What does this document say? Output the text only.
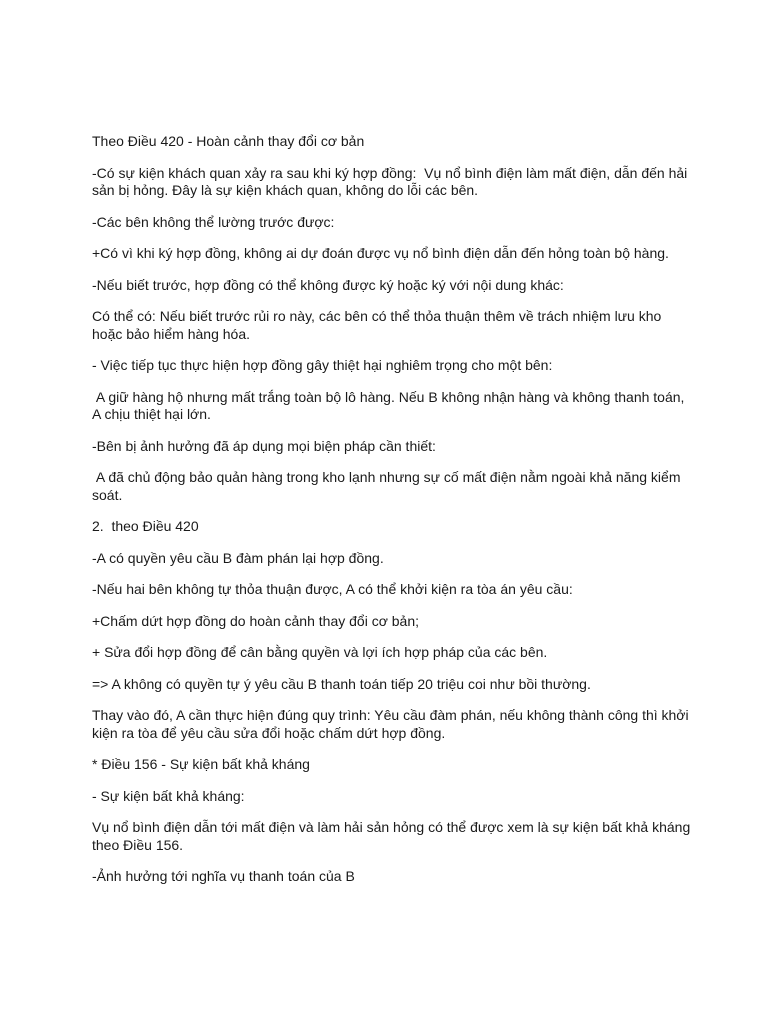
Theo Điều 420 - Hoàn cảnh thay đổi cơ bản

-Có sự kiện khách quan xảy ra sau khi ký hợp đồng:  Vụ nổ bình điện làm mất điện, dẫn đến hải sản bị hỏng. Đây là sự kiện khách quan, không do lỗi các bên.

-Các bên không thể lường trước được:

+Có vì khi ký hợp đồng, không ai dự đoán được vụ nổ bình điện dẫn đến hỏng toàn bộ hàng.

-Nếu biết trước, hợp đồng có thể không được ký hoặc ký với nội dung khác:

Có thể có: Nếu biết trước rủi ro này, các bên có thể thỏa thuận thêm về trách nhiệm lưu kho hoặc bảo hiểm hàng hóa.

- Việc tiếp tục thực hiện hợp đồng gây thiệt hại nghiêm trọng cho một bên:

A giữ hàng hộ nhưng mất trắng toàn bộ lô hàng. Nếu B không nhận hàng và không thanh toán, A chịu thiệt hại lớn.

-Bên bị ảnh hưởng đã áp dụng mọi biện pháp cần thiết:

A đã chủ động bảo quản hàng trong kho lạnh nhưng sự cố mất điện nằm ngoài khả năng kiểm soát.

2.  theo Điều 420

-A có quyền yêu cầu B đàm phán lại hợp đồng.

-Nếu hai bên không tự thỏa thuận được, A có thể khởi kiện ra tòa án yêu cầu:

+Chấm dứt hợp đồng do hoàn cảnh thay đổi cơ bản;

+ Sửa đổi hợp đồng để cân bằng quyền và lợi ích hợp pháp của các bên.

=> A không có quyền tự ý yêu cầu B thanh toán tiếp 20 triệu coi như bồi thường.

Thay vào đó, A cần thực hiện đúng quy trình: Yêu cầu đàm phán, nếu không thành công thì khởi kiện ra tòa để yêu cầu sửa đổi hoặc chấm dứt hợp đồng.

* Điều 156 - Sự kiện bất khả kháng

- Sự kiện bất khả kháng:

Vụ nổ bình điện dẫn tới mất điện và làm hải sản hỏng có thể được xem là sự kiện bất khả kháng theo Điều 156.

-Ảnh hưởng tới nghĩa vụ thanh toán của B
